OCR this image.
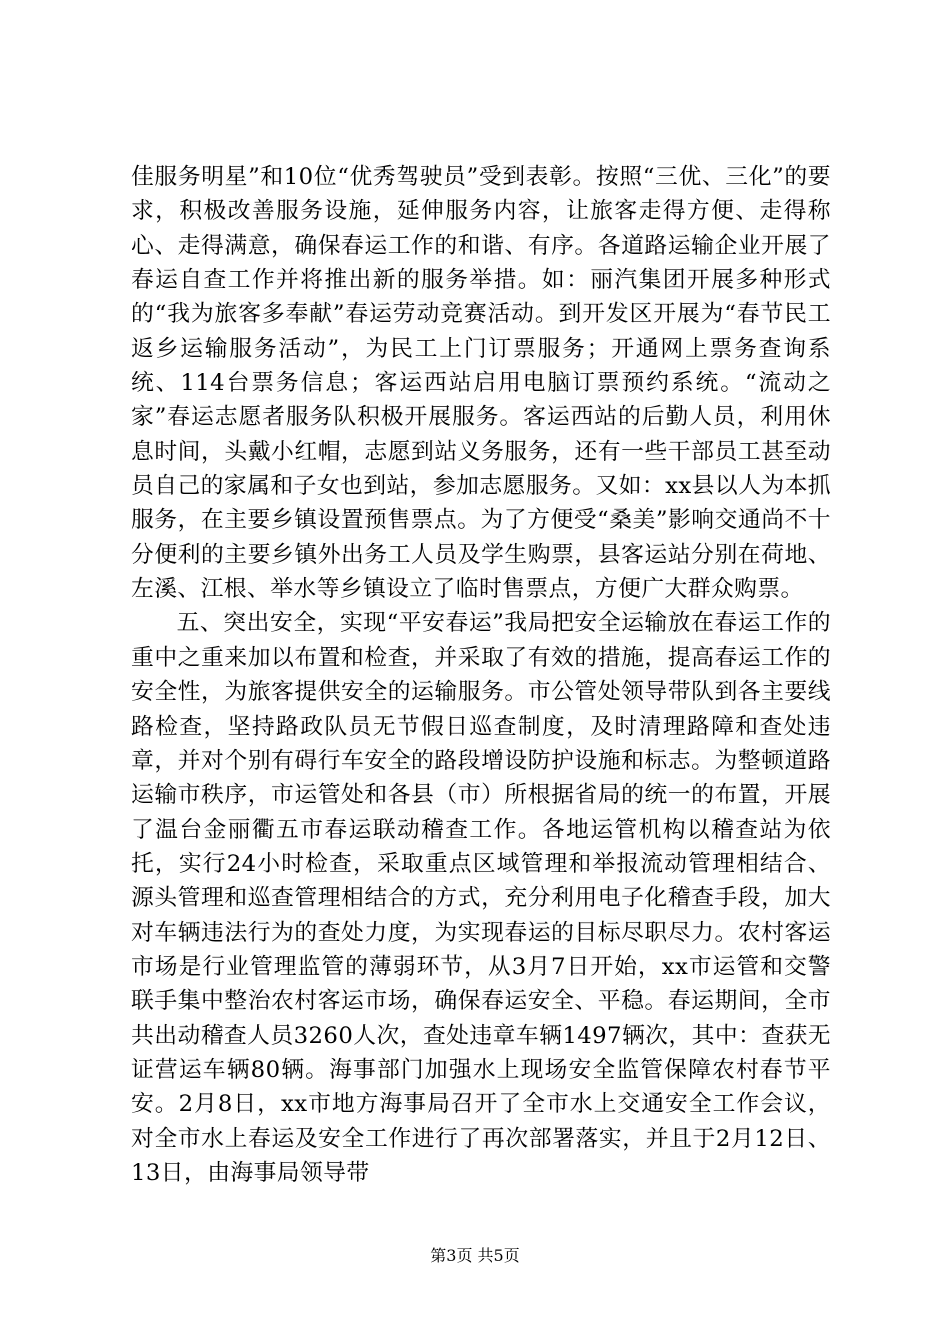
佳服务明星”和10位“优秀驾驶员”受到表彰。按照“三优、三化”的要求，积极改善服务设施，延伸服务内容，让旅客走得方便、走得称心、走得满意，确保春运工作的和谐、有序。各道路运输企业开展了春运自查工作并将推出新的服务举措。如：丽汽集团开展多种形式的“我为旅客多奉献”春运劳动竞赛活动。到开发区开展为“春节民工返乡运输服务活动”，为民工上门订票服务；开通网上票务查询系统、114台票务信息；客运西站启用电脑订票预约系统。“流动之家”春运志愿者服务队积极开展服务。客运西站的后勤人员，利用休息时间，头戴小红帽，志愿到站义务服务，还有一些干部员工甚至动员自己的家属和子女也到站，参加志愿服务。又如：xx县以人为本抓服务，在主要乡镇设置预售票点。为了方便受“桑美”影响交通尚不十分便利的主要乡镇外出务工人员及学生购票，县客运站分别在荷地、左溪、江根、举水等乡镇设立了临时售票点，方便广大群众购票。

五、突出安全，实现“平安春运”我局把安全运输放在春运工作的重中之重来加以布置和检查，并采取了有效的措施，提高春运工作的安全性，为旅客提供安全的运输服务。市公管处领导带队到各主要线路检查，坚持路政队员无节假日巡查制度，及时清理路障和查处违章，并对个别有碍行车安全的路段增设防护设施和标志。为整顿道路运输市秩序，市运管处和各县（市）所根据省局的统一的布置，开展了温台金丽衢五市春运联动稽查工作。各地运管机构以稽查站为依托，实行24小时检查，采取重点区域管理和举报流动管理相结合、源头管理和巡查管理相结合的方式，充分利用电子化稽查手段，加大对车辆违法行为的查处力度，为实现春运的目标尽职尽力。农村客运市场是行业管理监管的薄弱环节，从3月7日开始，xx市运管和交警联手集中整治农村客运市场，确保春运安全、平稳。春运期间，全市共出动稽查人员3260人次，查处违章车辆1497辆次，其中：查获无证营运车辆80辆。海事部门加强水上现场安全监管保障农村春节平安。2月8日，xx市地方海事局召开了全市水上交通安全工作会议，对全市水上春运及安全工作进行了再次部署落实，并且于2月12日、13日，由海事局领导带

第3页 共5页
